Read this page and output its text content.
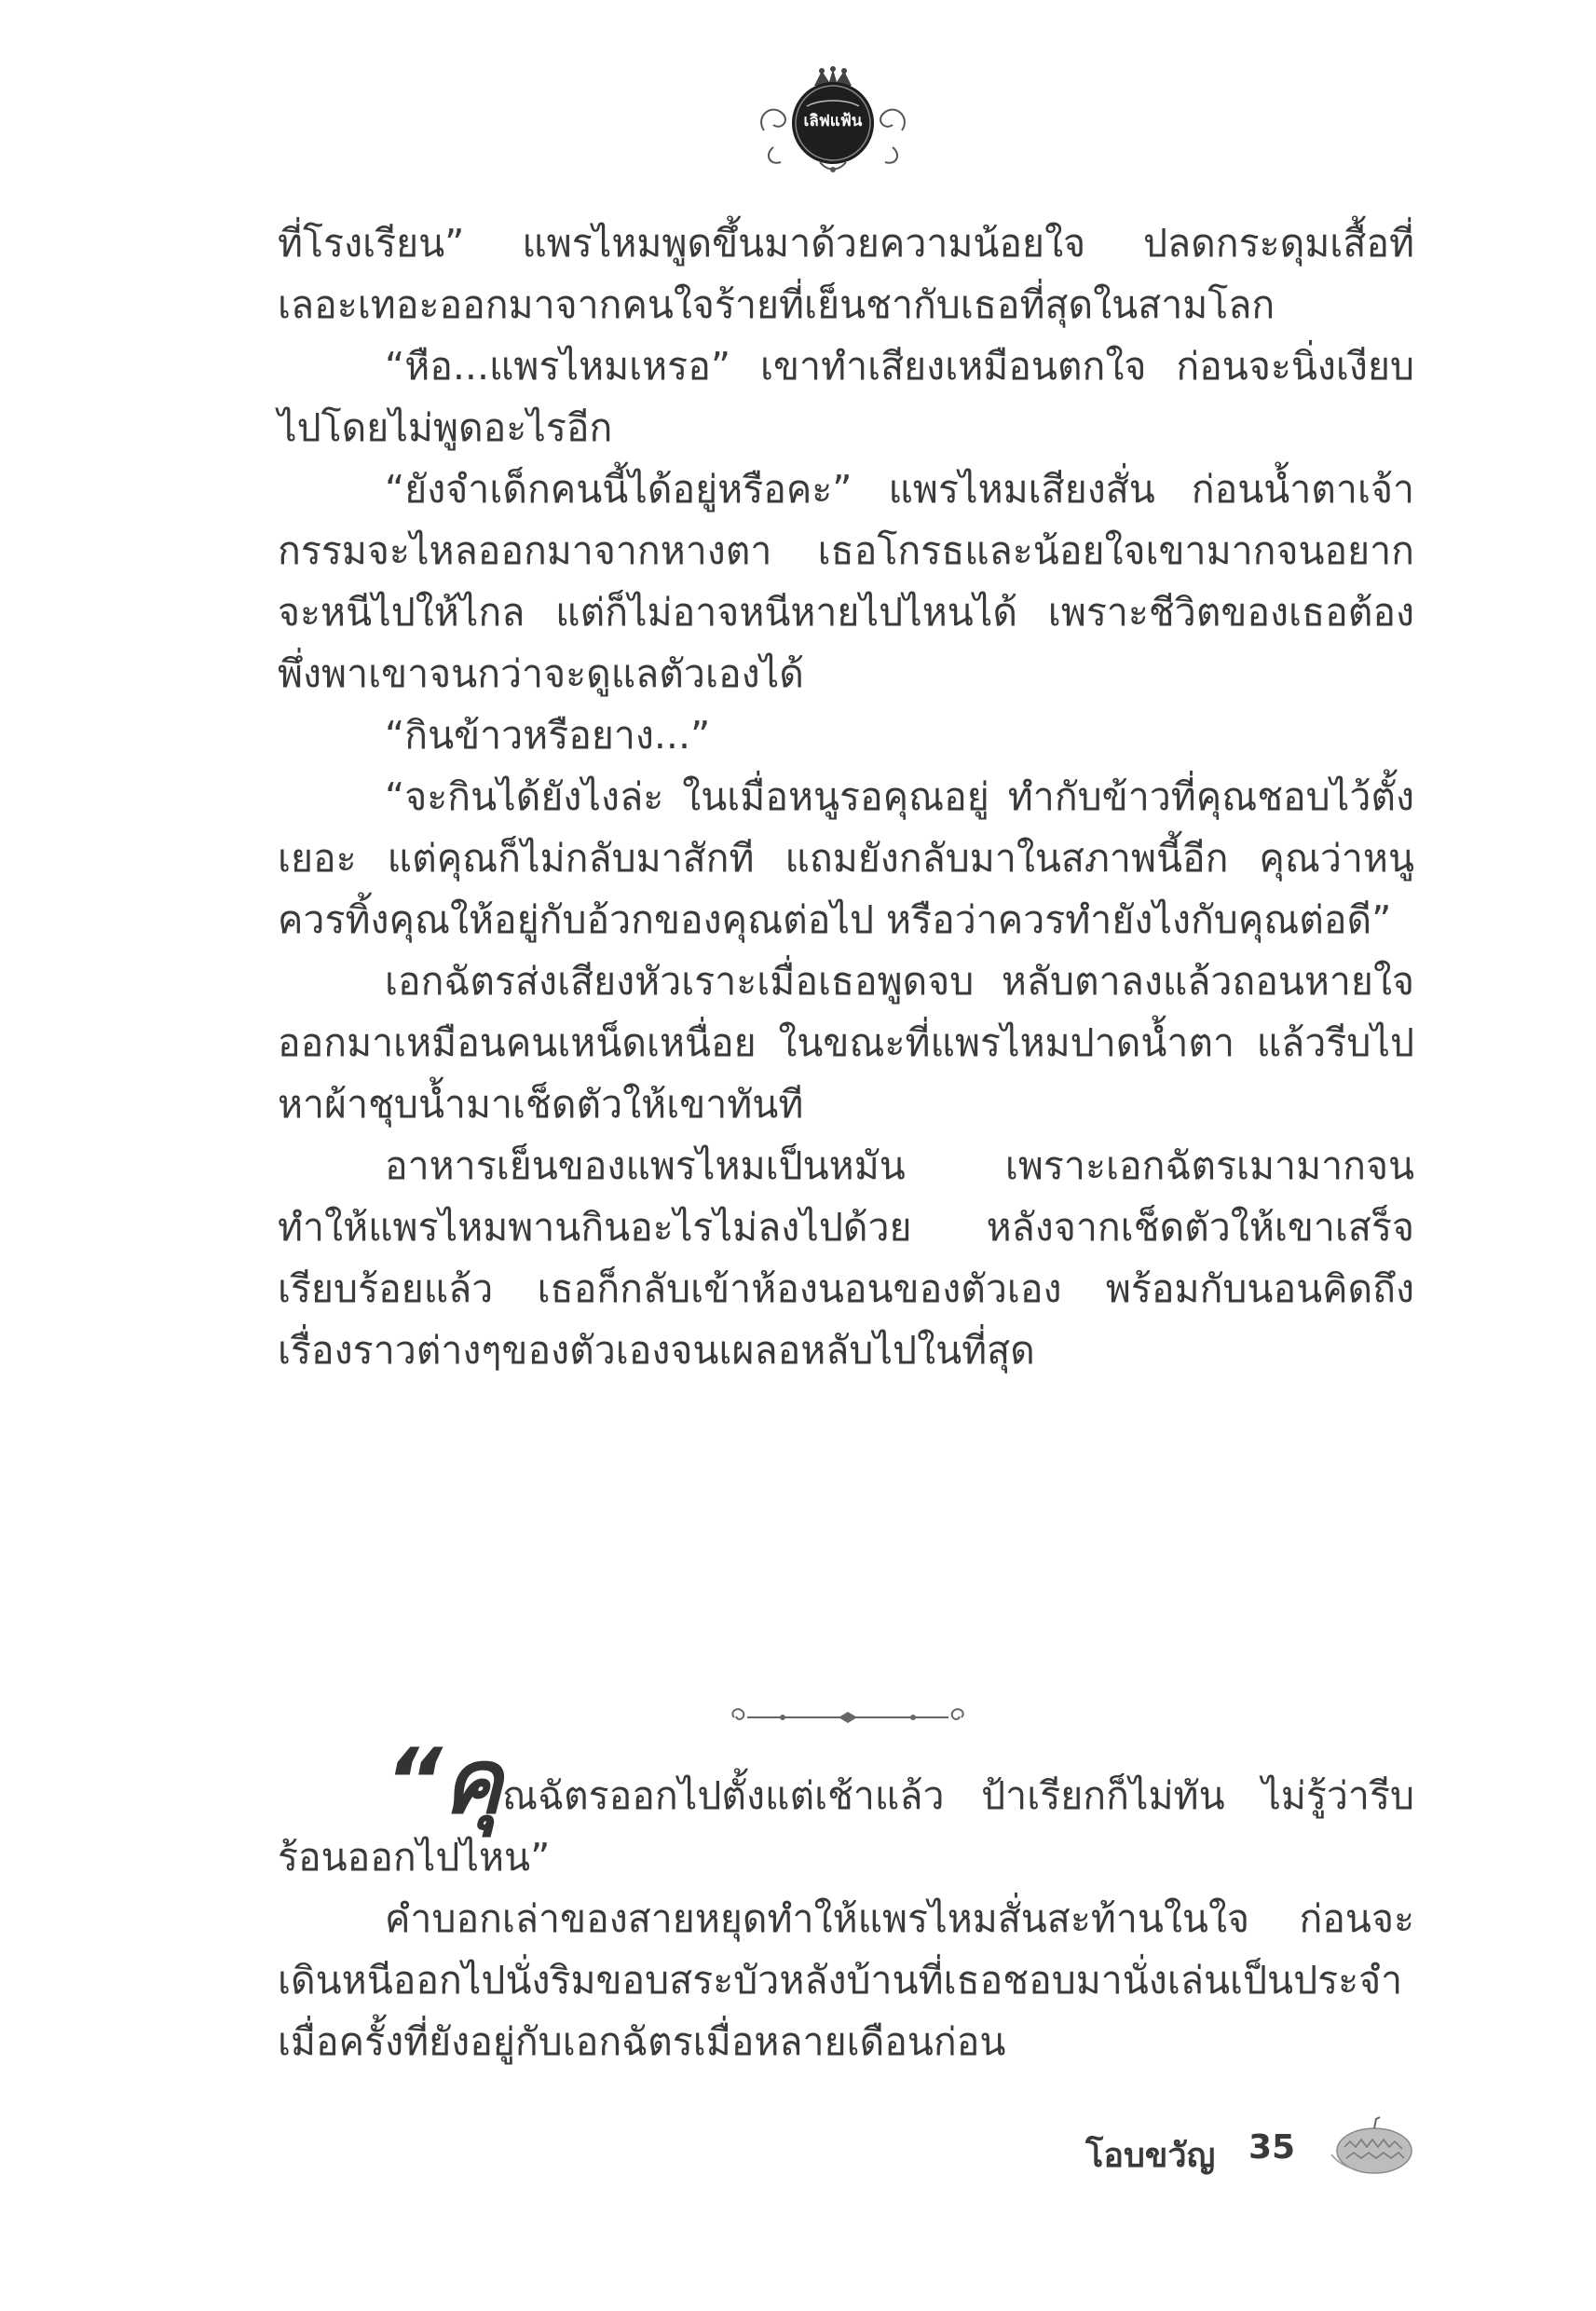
เลิฟแฟ้น

ที่โรงเรียน” แพรไหมพูดขึ้นมาด้วยความน้อยใจ ปลดกระดุมเสื้อที่เลอะเทอะออกมาจากคนใจร้ายที่เย็นชากับเธอที่สุดในสามโลก

“หือ...แพรไหมเหรอ” เขาทำเสียงเหมือนตกใจ ก่อนจะนิ่งเงียบไปโดยไม่พูดอะไรอีก

“ยังจำเด็กคนนี้ได้อยู่หรือคะ” แพรไหมเสียงสั่น ก่อนน้ำตาเจ้ากรรมจะไหลออกมาจากหางตา เธอโกรธและน้อยใจเขามากจนอยากจะหนีไปให้ไกล แต่ก็ไม่อาจหนีหายไปไหนได้ เพราะชีวิตของเธอต้องพึ่งพาเขาจนกว่าจะดูแลตัวเองได้

“กินข้าวหรือยาง...”

“จะกินได้ยังไงล่ะ ในเมื่อหนูรอคุณอยู่ ทำกับข้าวที่คุณชอบไว้ตั้งเยอะ แต่คุณก็ไม่กลับมาสักที แถมยังกลับมาในสภาพนี้อีก คุณว่าหนูควรทิ้งคุณให้อยู่กับอ้วกของคุณต่อไป หรือว่าควรทำยังไงกับคุณต่อดี”

เอกฉัตรส่งเสียงหัวเราะเมื่อเธอพูดจบ หลับตาลงแล้วถอนหายใจออกมาเหมือนคนเหน็ดเหนื่อย ในขณะที่แพรไหมปาดน้ำตา แล้วรีบไปหาผ้าชุบน้ำมาเช็ดตัวให้เขาทันที

อาหารเย็นของแพรไหมเป็นหมัน เพราะเอกฉัตรเมามากจนทำให้แพรไหมพานกินอะไรไม่ลงไปด้วย หลังจากเช็ดตัวให้เขาเสร็จเรียบร้อยแล้ว เธอก็กลับเข้าห้องนอนของตัวเอง พร้อมกับนอนคิดถึงเรื่องราวต่างๆของตัวเองจนเผลอหลับไปในที่สุด

“คุณฉัตรออกไปตั้งแต่เช้าแล้ว ป้าเรียกก็ไม่ทัน ไม่รู้ว่ารีบร้อนออกไปไหน”

คำบอกเล่าของสายหยุดทำให้แพรไหมสั่นสะท้านในใจ ก่อนจะเดินหนีออกไปนั่งริมขอบสระบัวหลังบ้านที่เธอชอบมานั่งเล่นเป็นประจำเมื่อครั้งที่ยังอยู่กับเอกฉัตรเมื่อหลายเดือนก่อน

โอบขวัญ 35
